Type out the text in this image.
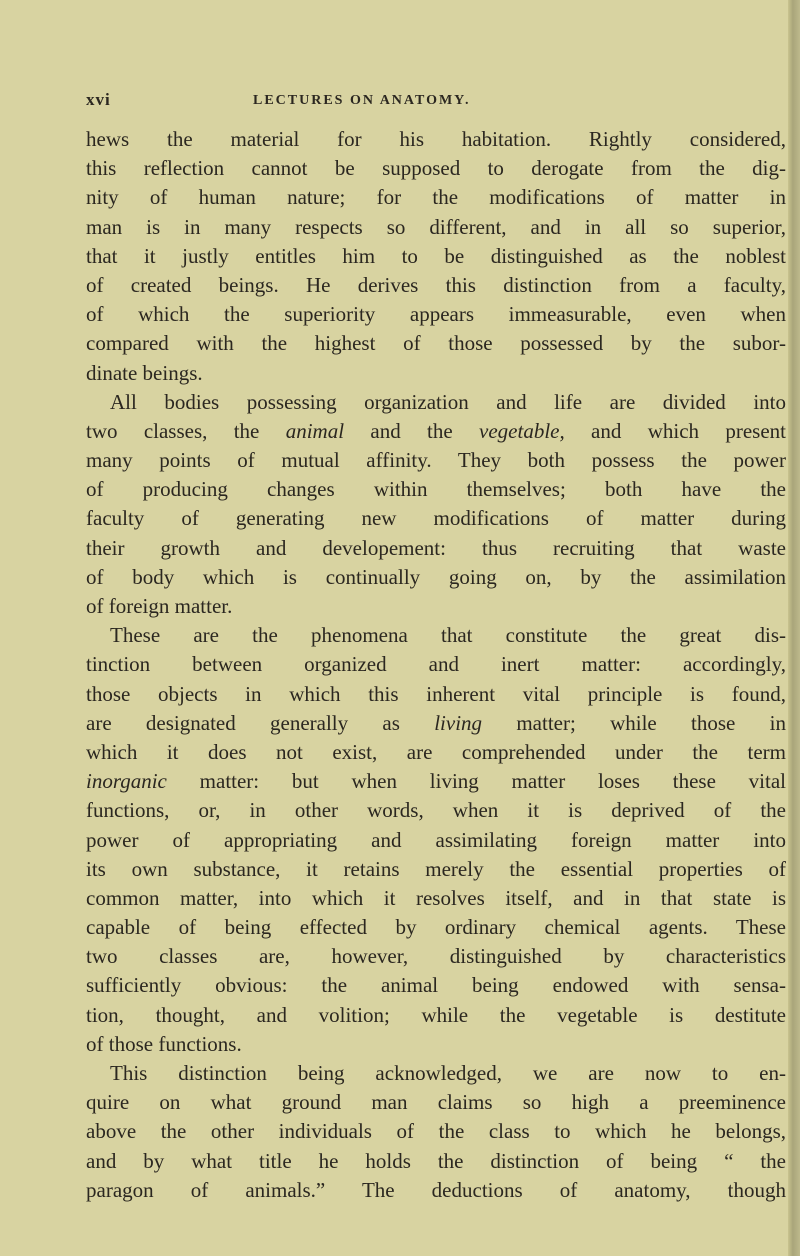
xvi	LECTURES ON ANATOMY.
hews the material for his habitation. Rightly considered,
this reflection cannot be supposed to derogate from the dig-
nity of human nature; for the modifications of matter in
man is in many respects so different, and in all so superior,
that it justly entitles him to be distinguished as the noblest
of created beings. He derives this distinction from a faculty,
of which the superiority appears immeasurable, even when
compared with the highest of those possessed by the subor-
dinate beings.
All bodies possessing organization and life are divided into
two classes, the animal and the vegetable, and which present
many points of mutual affinity. They both possess the power
of producing changes within themselves; both have the
faculty of generating new modifications of matter during
their growth and developement: thus recruiting that waste
of body which is continually going on, by the assimilation
of foreign matter.
These are the phenomena that constitute the great dis-
tinction between organized and inert matter: accordingly,
those objects in which this inherent vital principle is found,
are designated generally as living matter; while those in
which it does not exist, are comprehended under the term
inorganic matter: but when living matter loses these vital
functions, or, in other words, when it is deprived of the
power of appropriating and assimilating foreign matter into
its own substance, it retains merely the essential properties of
common matter, into which it resolves itself, and in that state is
capable of being effected by ordinary chemical agents. These
two classes are, however, distinguished by characteristics
sufficiently obvious: the animal being endowed with sensa-
tion, thought, and volition; while the vegetable is destitute
of those functions.
This distinction being acknowledged, we are now to en-
quire on what ground man claims so high a preeminence
above the other individuals of the class to which he belongs,
and by what title he holds the distinction of being “ the
paragon of animals.” The deductions of anatomy, though
